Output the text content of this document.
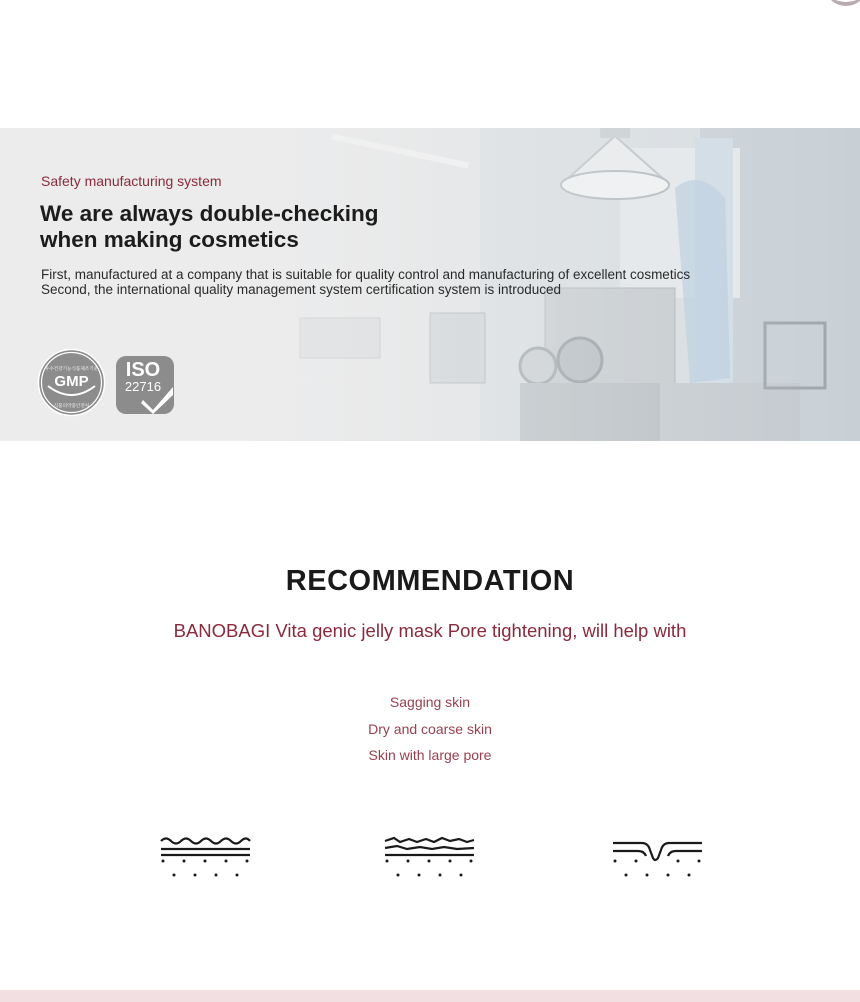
Safety manufacturing system
We are always double-checking
when making cosmetics

First, manufactured at a company that is suitable for quality control and manufacturing of excellent cosmetics
Second, the international quality management system certification system is introduced

우수건강기능식품제조기준
GMP
식품의약품안전처
ISO
22716
RECOMMENDATION

BANOBAGI Vita genic jelly mask Pore tightening, will help with

Sagging skin
Dry and coarse skin
Skin with large pore
